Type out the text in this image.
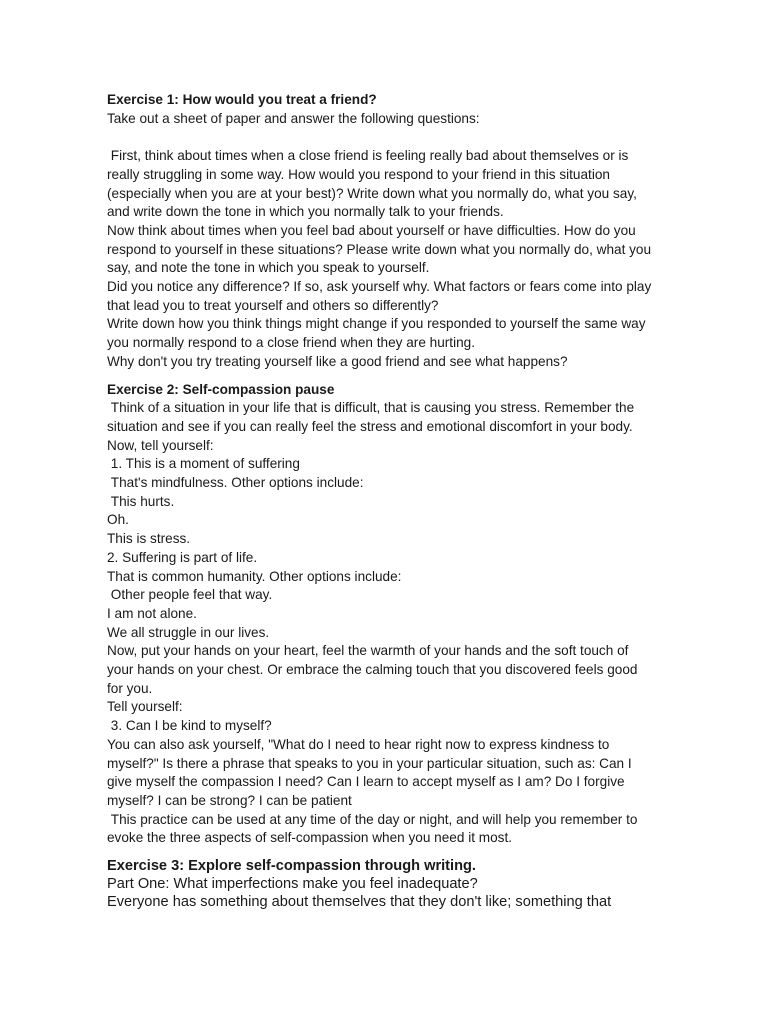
Exercise 1: How would you treat a friend?

Take out a sheet of paper and answer the following questions:

First, think about times when a close friend is feeling really bad about themselves or is

really struggling in some way. How would you respond to your friend in this situation

(especially when you are at your best)? Write down what you normally do, what you say,

and write down the tone in which you normally talk to your friends.

Now think about times when you feel bad about yourself or have difficulties. How do you

respond to yourself in these situations? Please write down what you normally do, what you

say, and note the tone in which you speak to yourself.

Did you notice any difference? If so, ask yourself why. What factors or fears come into play

that lead you to treat yourself and others so differently?

Write down how you think things might change if you responded to yourself the same way

you normally respond to a close friend when they are hurting.

Why don't you try treating yourself like a good friend and see what happens?

Exercise 2: Self-compassion pause

Think of a situation in your life that is difficult, that is causing you stress. Remember the

situation and see if you can really feel the stress and emotional discomfort in your body.

Now, tell yourself:

1. This is a moment of suffering

That's mindfulness. Other options include:

This hurts.

Oh.

This is stress.

2. Suffering is part of life.

That is common humanity. Other options include:

Other people feel that way.

I am not alone.

We all struggle in our lives.

Now, put your hands on your heart, feel the warmth of your hands and the soft touch of

your hands on your chest. Or embrace the calming touch that you discovered feels good

for you.

Tell yourself:

3. Can I be kind to myself?

You can also ask yourself, "What do I need to hear right now to express kindness to

myself?" Is there a phrase that speaks to you in your particular situation, such as: Can I

give myself the compassion I need? Can I learn to accept myself as I am? Do I forgive

myself? I can be strong? I can be patient

This practice can be used at any time of the day or night, and will help you remember to

evoke the three aspects of self-compassion when you need it most.

Exercise 3: Explore self-compassion through writing.

Part One: What imperfections make you feel inadequate?

Everyone has something about themselves that they don't like; something that
